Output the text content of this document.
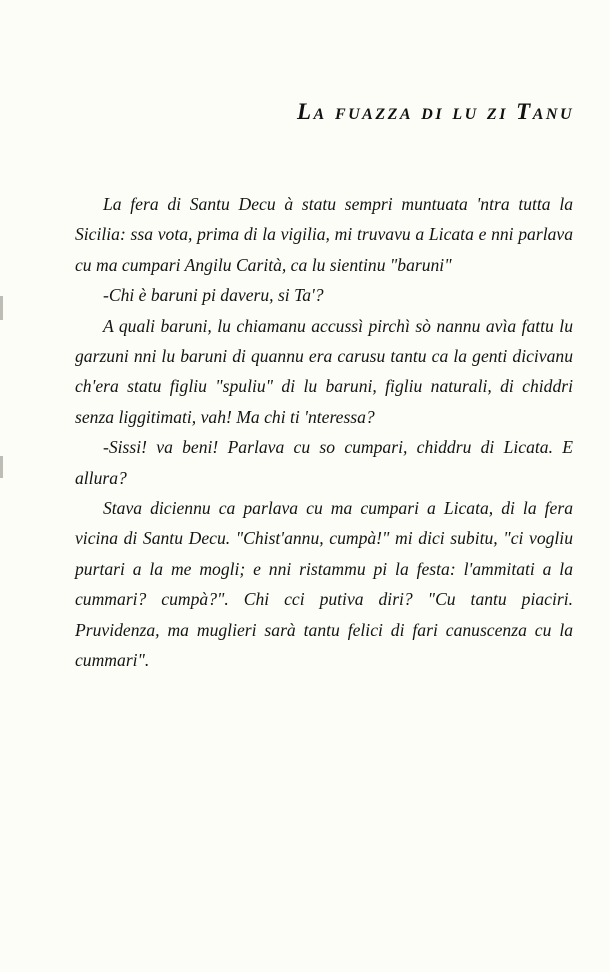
La fuazza di lu zi Tanu

La fera di Santu Decu à statu sempri muntuata 'ntra tutta la Sicilia: ssa vota, prima di la vigilia, mi truvavu a Licata e nni parlava cu ma cumpari Angilu Carità, ca lu sientinu "baruni"

-Chi è baruni pi daveru, si Ta'?

A quali baruni, lu chiamanu accussì pirchì sò nannu avìa fattu lu garzuni nni lu baruni di quannu era carusu tantu ca la genti dicivanu ch'era statu figliu "spuliu" di lu baruni, figliu naturali, di chiddri senza liggitimati, vah! Ma chi ti 'nteressa?

-Sissi! va beni! Parlava cu so cumpari, chiddru di Licata. E allura?

Stava diciennu ca parlava cu ma cumpari a Licata, di la fera vicina di Santu Decu. "Chist'annu, cumpà!" mi dici subitu, "ci vogliu purtari a la me mogli; e nni ristammu pi la festa: l'ammitati a la cummari? cumpà?". Chi cci putiva diri? "Cu tantu piaciri. Pruvidenza, ma muglieri sarà tantu felici di fari canuscenza cu la cummari".
